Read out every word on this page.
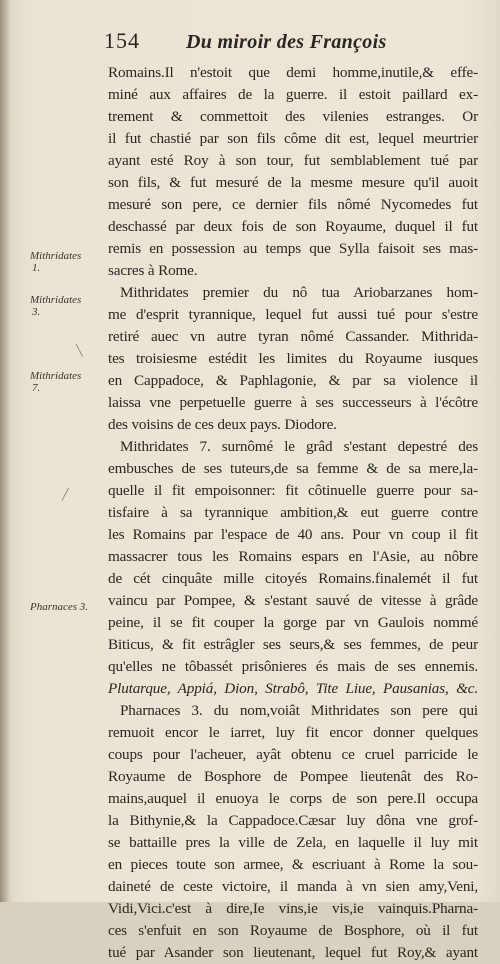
154 Du miroir des François
Mithridates
1.
Mithridates
3.
Mithridates
7.
Pharnaces 3.
╲
╱
Romains.Il n'estoit que demi homme,inutile,& effe-
miné aux affaires de la guerre. il estoit paillard ex-
trement & commettoit des vilenies estranges. Or
il fut chastié par son fils côme dit est, lequel meurtrier
ayant esté Roy à son tour, fut semblablement tué par
son fils, & fut mesuré de la mesme mesure qu'il auoit
mesuré son pere, ce dernier fils nômé Nycomedes fut
deschassé par deux fois de son Royaume, duquel il fut
remis en possession au temps que Sylla faisoit ses mas-
sacres à Rome.
Mithridates premier du nô tua Ariobarzanes hom-
me d'esprit tyrannique, lequel fut aussi tué pour s'estre
retiré auec vn autre tyran nômé Cassander. Mithrida-
tes troisiesme estédit les limites du Royaume iusques
en Cappadoce, & Paphlagonie, & par sa violence il
laissa vne perpetuelle guerre à ses successeurs à l'écôtre
des voisins de ces deux pays. Diodore.
Mithridates 7. surnômé le grâd s'estant depestré des
embusches de ses tuteurs,de sa femme & de sa mere,la-
quelle il fit empoisonner: fit côtinuelle guerre pour sa-
tisfaire à sa tyrannique ambition,& eut guerre contre
les Romains par l'espace de 40 ans. Pour vn coup il fit
massacrer tous les Romains espars en l'Asie, au nôbre
de cét cinquâte mille citoyés Romains.finalemét il fut
vaincu par Pompee, & s'estant sauvé de vitesse à grâde
peine, il se fit couper la gorge par vn Gaulois nommé
Biticus, & fit estrâgler ses seurs,& ses femmes, de peur
qu'elles ne tôbassét prisônieres és mais de ses ennemis.
Plutarque, Appiá, Dion, Strabô, Tite Liue, Pausanias, &c.
Pharnaces 3. du nom,voiât Mithridates son pere qui
remuoit encor le iarret, luy fit encor donner quelques
coups pour l'acheuer, ayât obtenu ce cruel parricide le
Royaume de Bosphore de Pompee lieutenât des Ro-
mains,auquel il enuoya le corps de son pere.Il occupa
la Bithynie,& la Cappadoce.Cæsar luy dôna vne grof-
se battaille pres la ville de Zela, en laquelle il luy mit
en pieces toute son armee, & escriuant à Rome la sou-
daineté de ceste victoire, il manda à vn sien amy,Veni,
Vidi,Vici.c'est à dire,Ie vins,ie vis,ie vainquis.Pharna-
ces s'enfuit en son Royaume de Bosphore, où il fut
tué par Asander son lieutenant, lequel fut Roy,& ayant
